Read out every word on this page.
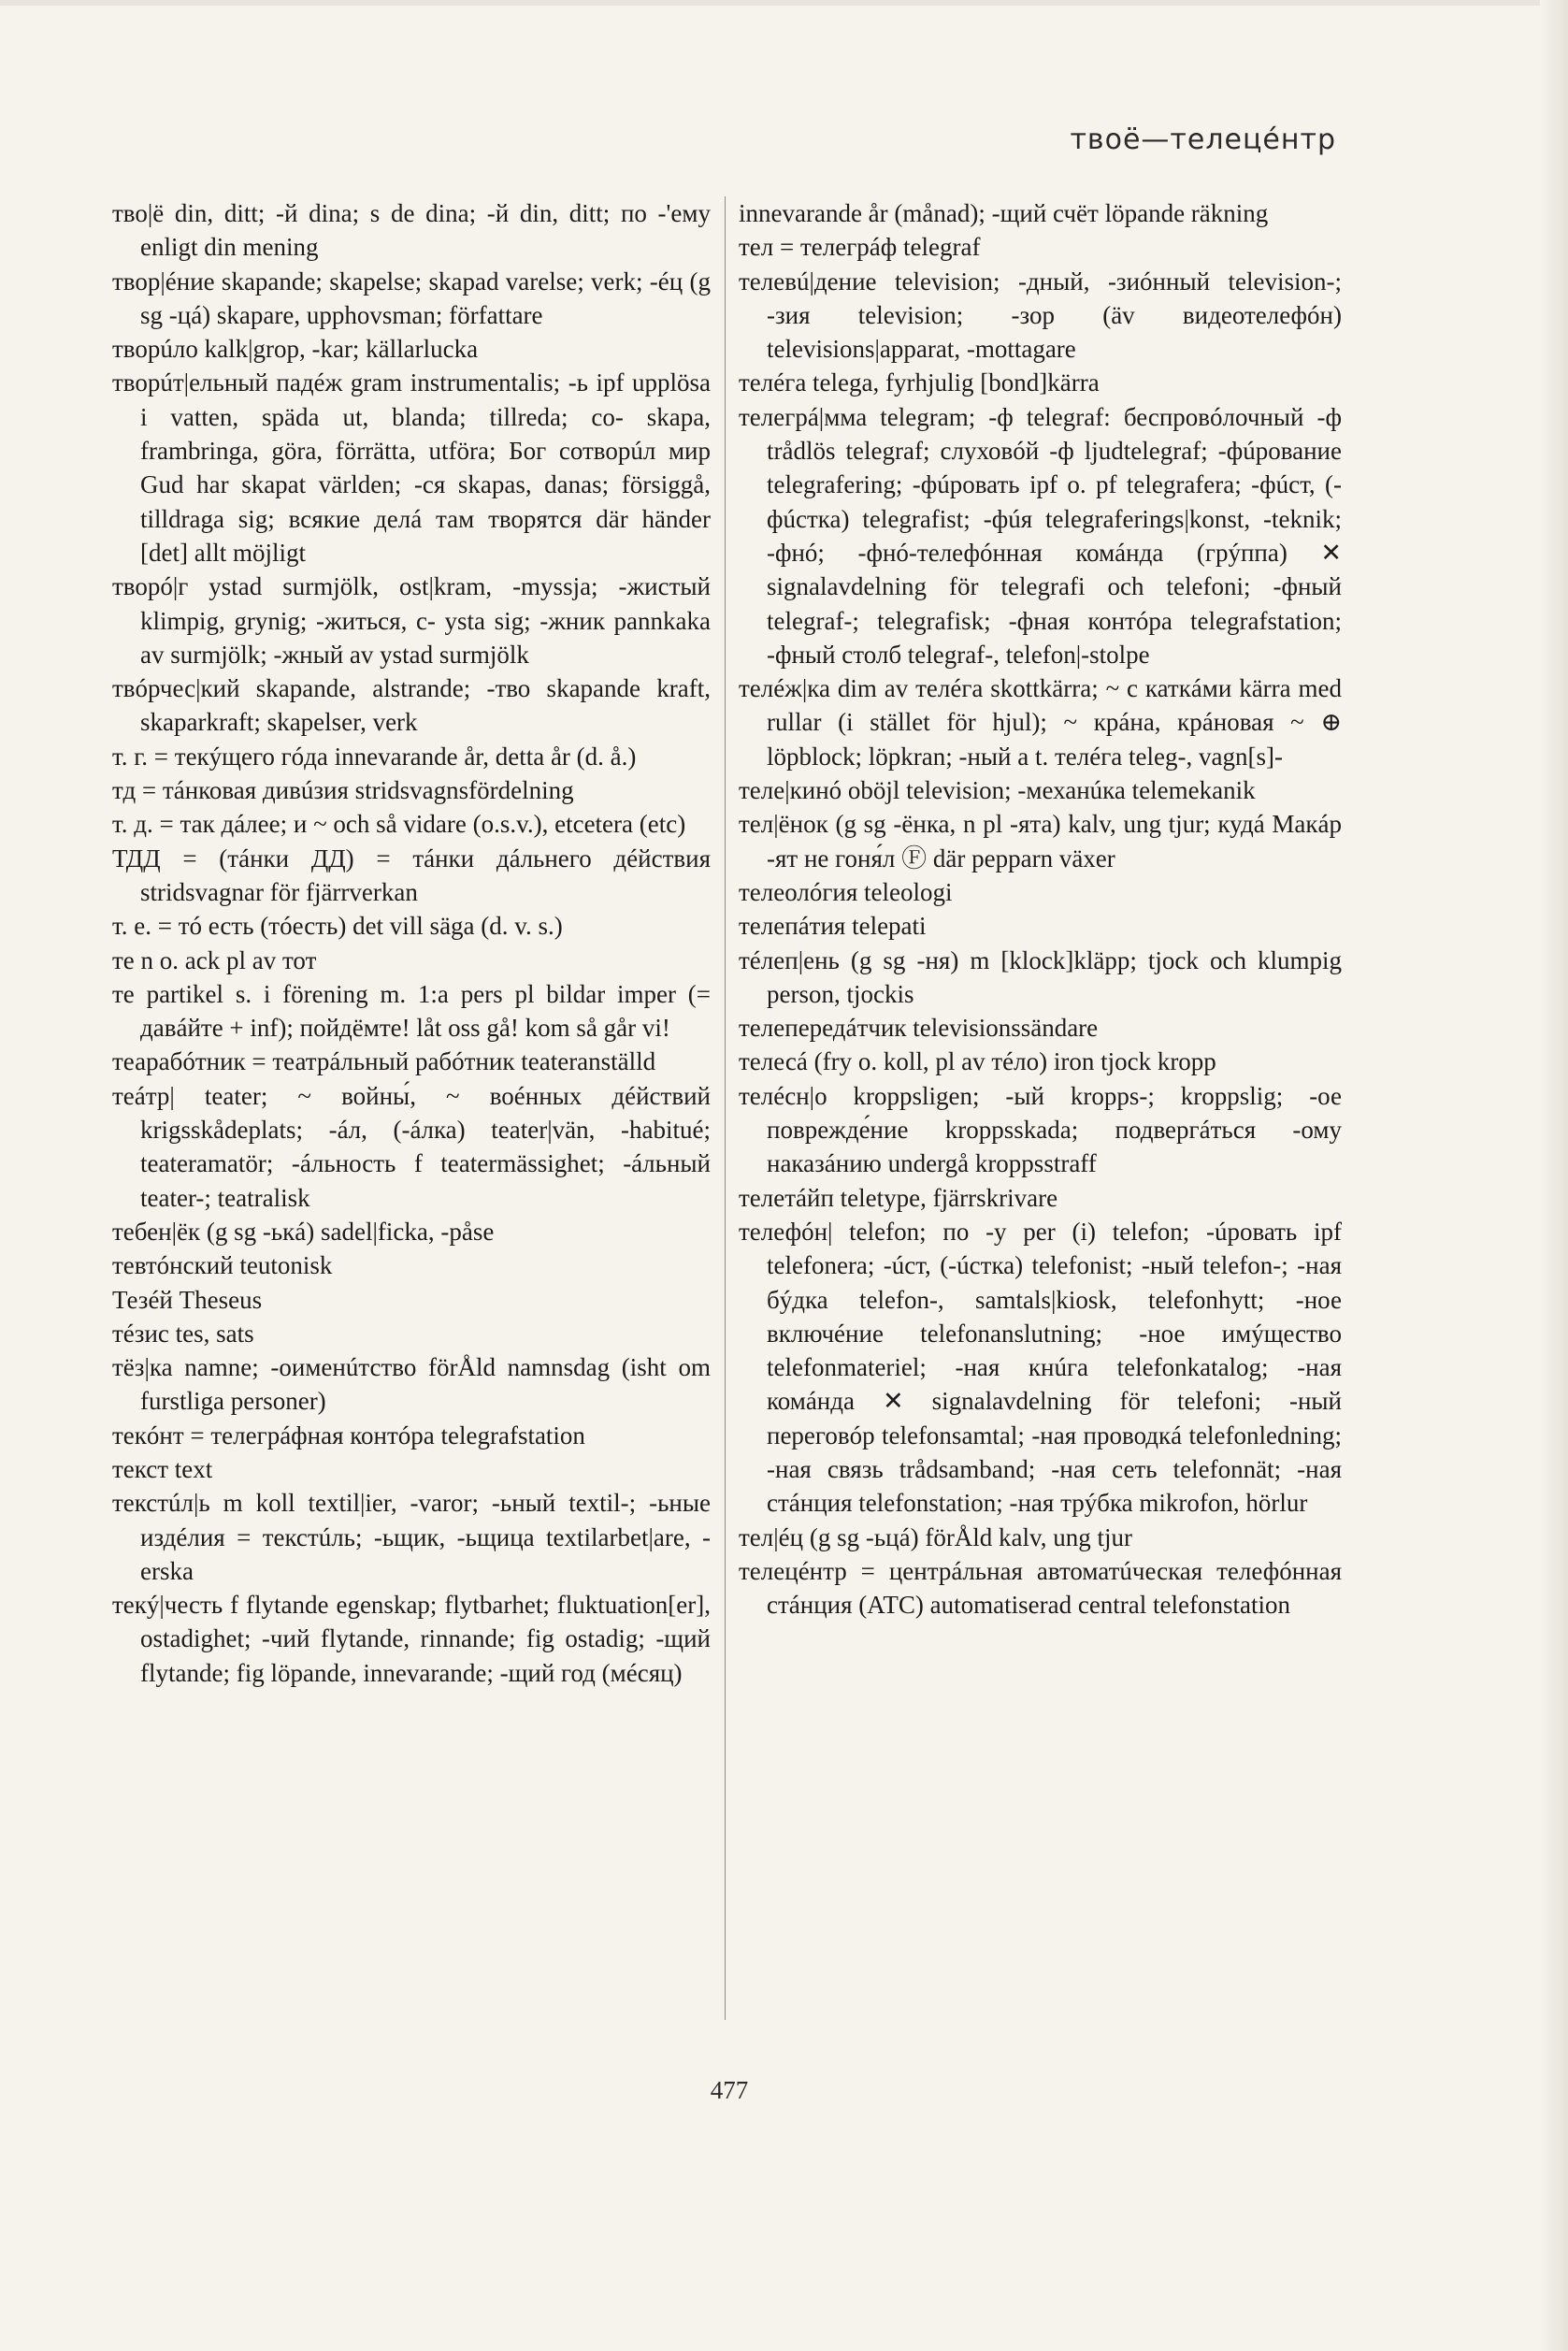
твоё—телецéнтр

тво|ё din, ditt; -й dina; s de dina; -й din, ditt; по -'ему enligt din mening

твор|éние skapande; skapelse; skapad varelse; verk; -éц (g sg -цá) skapare, upphovsman; författare

творúло kalk|grop, -kar; källarlucka

творúт|ельный падéж gram instrumentalis; -ь ipf upplösa i vatten, späda ut, blanda; tillreda; со- skapa, frambringa, göra, förrätta, utföra; Бог сотворúл мир Gud har skapat världen; -ся skapas, danas; försiggå, tilldraga sig; всякие делá там творятся där händer [det] allt möjligt

творó|г ystad surmjölk, ost|kram, -myssja; -жистый klimpig, grynig; -житься, с- ysta sig; -жник pannkaka av surmjölk; -жный av ystad surmjölk

твóрчес|кий skapande, alstrande; -тво skapande kraft, skaparkraft; skapelser, verk

т. г. = текýщего гóда innevarande år, detta år (d. å.)

тд = тáнковая дивúзия stridsvagnsfördelning

т. д. = так дáлее; и ~ och så vidare (o.s.v.), etcetera (etc)

ТДД = (тáнки ДД) = тáнки дáльнего дéйствия stridsvagnar för fjärrverkan

т. е. = тó есть (тóесть) det vill säga (d. v. s.)

те n o. ack pl av тот

те partikel s. i förening m. 1:a pers pl bildar imper (= давáйте + inf); пойдёмте! låt oss gå! kom så går vi!

теарабóтник = театрáльный рабóтник teateranställd

теáтр| teater; ~ войны́, ~ воéнных дéйствий krigsskådeplats; -áл, (-áлка) teater|vän, -habitué; teateramatör; -áльность f teatermässighet; -áльный teater-; teatralisk

тебен|ёк (g sg -ькá) sadel|ficka, -påse

тевтóнский teutonisk

Тезéй Theseus

тéзис tes, sats

тёз|ка namne; -оименúтство förÅld namnsdag (isht om furstliga personer)

текóнт = телегрáфная контóра telegrafstation

текст text

текстúл|ь m koll textil|ier, -varor; -ьный textil-; -ьные издéлия = текстúль; -ьщик, -ьщица textilarbet|are, -erska

текý|честь f flytande egenskap; flytbarhet; fluktuation[er], ostadighet; -чий flytande, rinnande; fig ostadig; -щий flytande; fig löpande, innevarande; -щий год (мéсяц)

innevarande år (månad); -щий счёт löpande räkning

тел = телегрáф telegraf

телевú|дение television; -дный, -зиóнный television-; -зия television; -зор (äv видеотелефóн) televisions|apparat, -mottagare

телéга telega, fyrhjulig [bond]kärra

телегрá|мма telegram; -ф telegraf: беспровóлочный -ф trådlös telegraf; слуховóй -ф ljudtelegraf; -фúрование telegrafering; -фúровать ipf o. pf telegrafera; -фúст, (-фúстка) telegrafist; -фúя telegraferings|konst, -teknik; -фнó; -фнó-телефóнная комáнда (грýппа) ✕ signalavdelning för telegrafi och telefoni; -фный telegraf-; telegrafisk; -фная контóра telegrafstation; -фный столб telegraf-, telefon|-stolpe

телéж|ка dim av телéга skottkärra; ~ с каткáми kärra med rullar (i stället för hjul); ~ крáна, крáновая ~ ⊕ löpblock; löpkran; -ный a t. телéга teleg-, vagn[s]-

теле|кинó oböjl television; -механúка telemekanik

тел|ёнок (g sg -ёнка, n pl -ята) kalv, ung tjur; кудá Макáр -ят не гоня́л Ⓕ där pepparn växer

телеолóгия teleologi

телепáтия telepati

тéлеп|ень (g sg -ня) m [klock]kläpp; tjock och klumpig person, tjockis

телепередáтчик televisionssändare

телесá (fry o. koll, pl av тéло) iron tjock kropp

телéсн|о kroppsligen; -ый kropps-; kroppslig; -ое поврежде́ние kroppsskada; подвергáться -ому наказáнию undergå kroppsstraff

телетáйп teletype, fjärrskrivare

телефóн| telefon; по -у per (i) telefon; -úровать ipf telefonera; -úст, (-úстка) telefonist; -ный telefon-; -ная бýдка telefon-, samtals|kiosk, telefonhytt; -ное включéние telefonanslutning; -ное имýщество telefonmateriel; -ная кнúга telefonkatalog; -ная комáнда ✕ signalavdelning för telefoni; -ный переговóр telefonsamtal; -ная проводкá telefonledning; -ная связь trådsamband; -ная сеть telefonnät; -ная стáнция telefonstation; -ная трýбка mikrofon, hörlur

тел|éц (g sg -ьцá) förÅld kalv, ung tjur

телецéнтр = центрáльная автоматúческая телефóнная стáнция (АТС) automatiserad central telefonstation

477
